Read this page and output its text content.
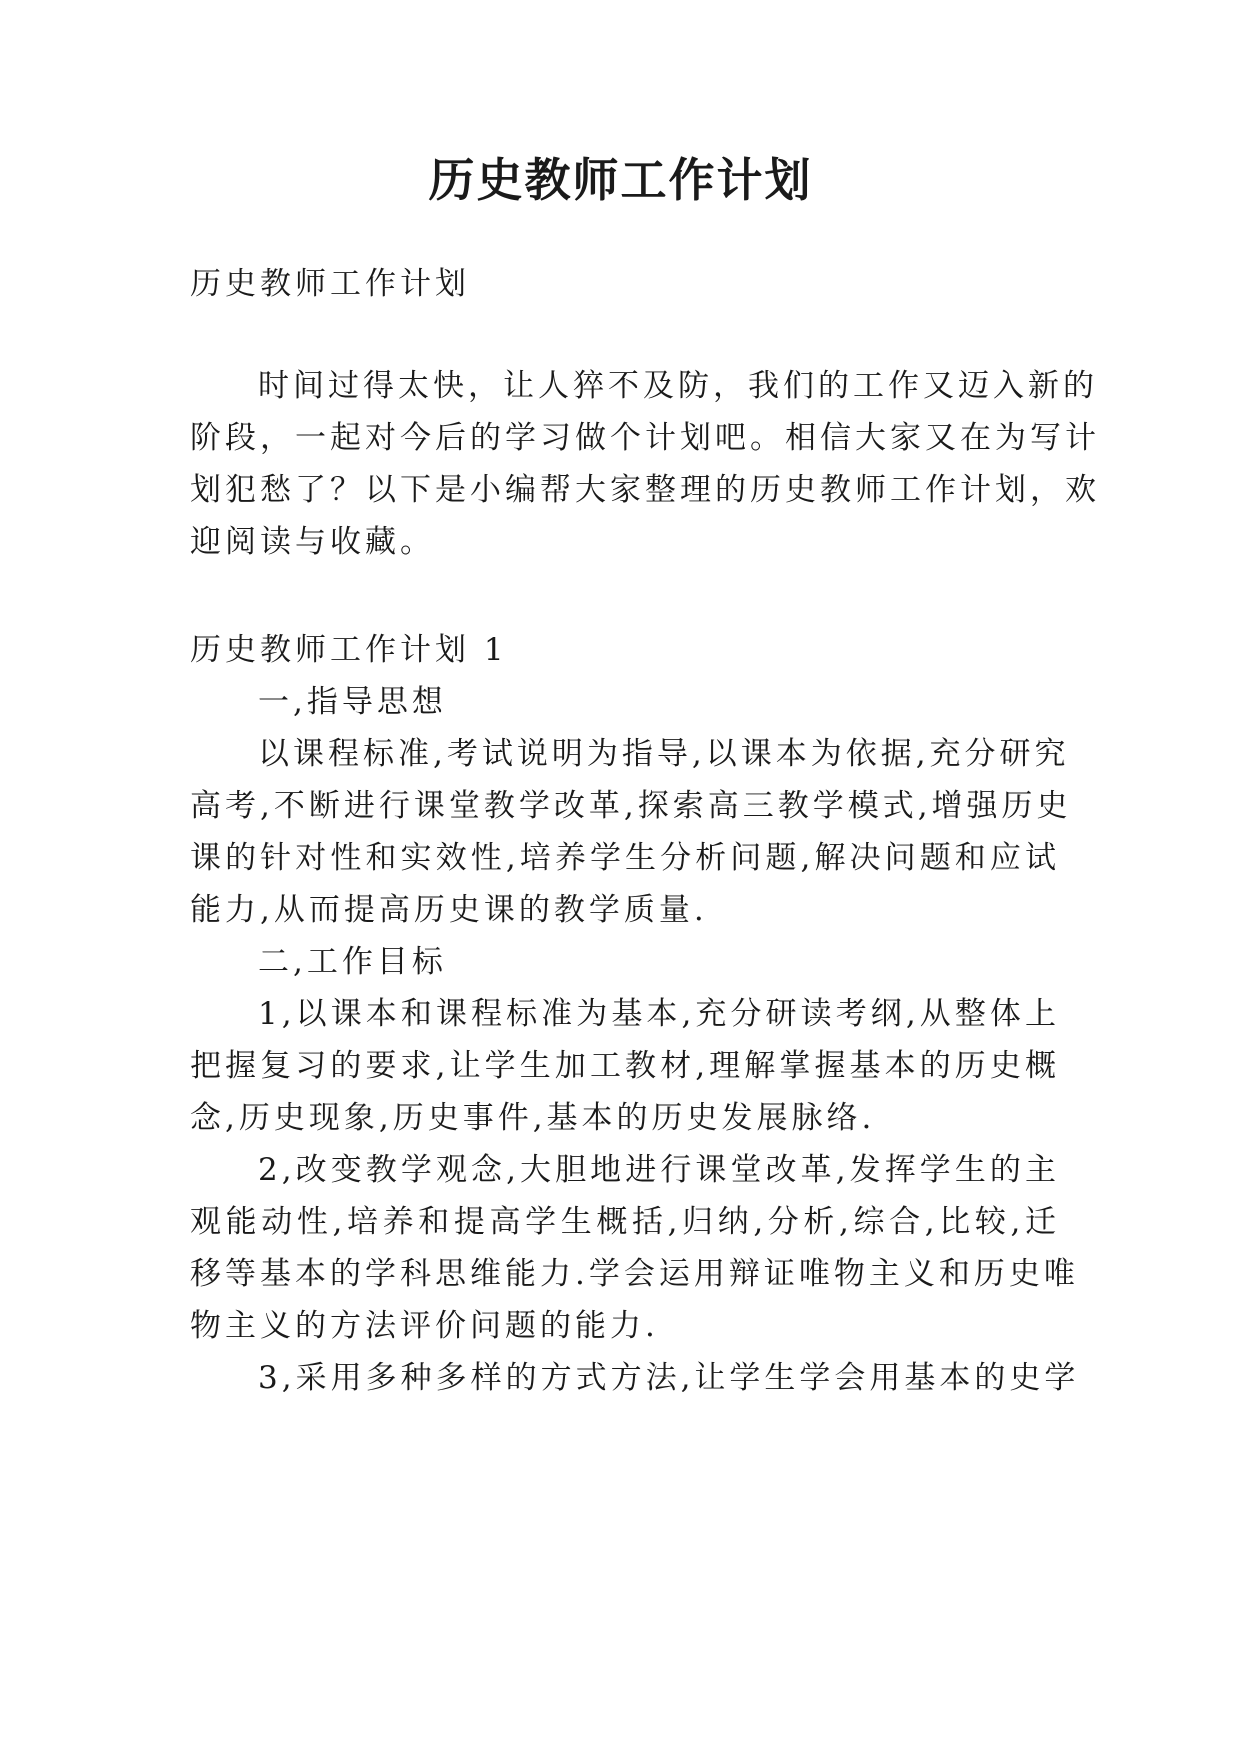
历史教师工作计划
历史教师工作计划
时间过得太快，让人猝不及防，我们的工作又迈入新的
阶段，一起对今后的学习做个计划吧。相信大家又在为写计
划犯愁了？以下是小编帮大家整理的历史教师工作计划，欢
迎阅读与收藏。
历史教师工作计划 1
一,指导思想
以课程标准,考试说明为指导,以课本为依据,充分研究
高考,不断进行课堂教学改革,探索高三教学模式,增强历史
课的针对性和实效性,培养学生分析问题,解决问题和应试
能力,从而提高历史课的教学质量.
二,工作目标
1,以课本和课程标准为基本,充分研读考纲,从整体上
把握复习的要求,让学生加工教材,理解掌握基本的历史概
念,历史现象,历史事件,基本的历史发展脉络.
2,改变教学观念,大胆地进行课堂改革,发挥学生的主
观能动性,培养和提高学生概括,归纳,分析,综合,比较,迁
移等基本的学科思维能力.学会运用辩证唯物主义和历史唯
物主义的方法评价问题的能力.
3,采用多种多样的方式方法,让学生学会用基本的史学
